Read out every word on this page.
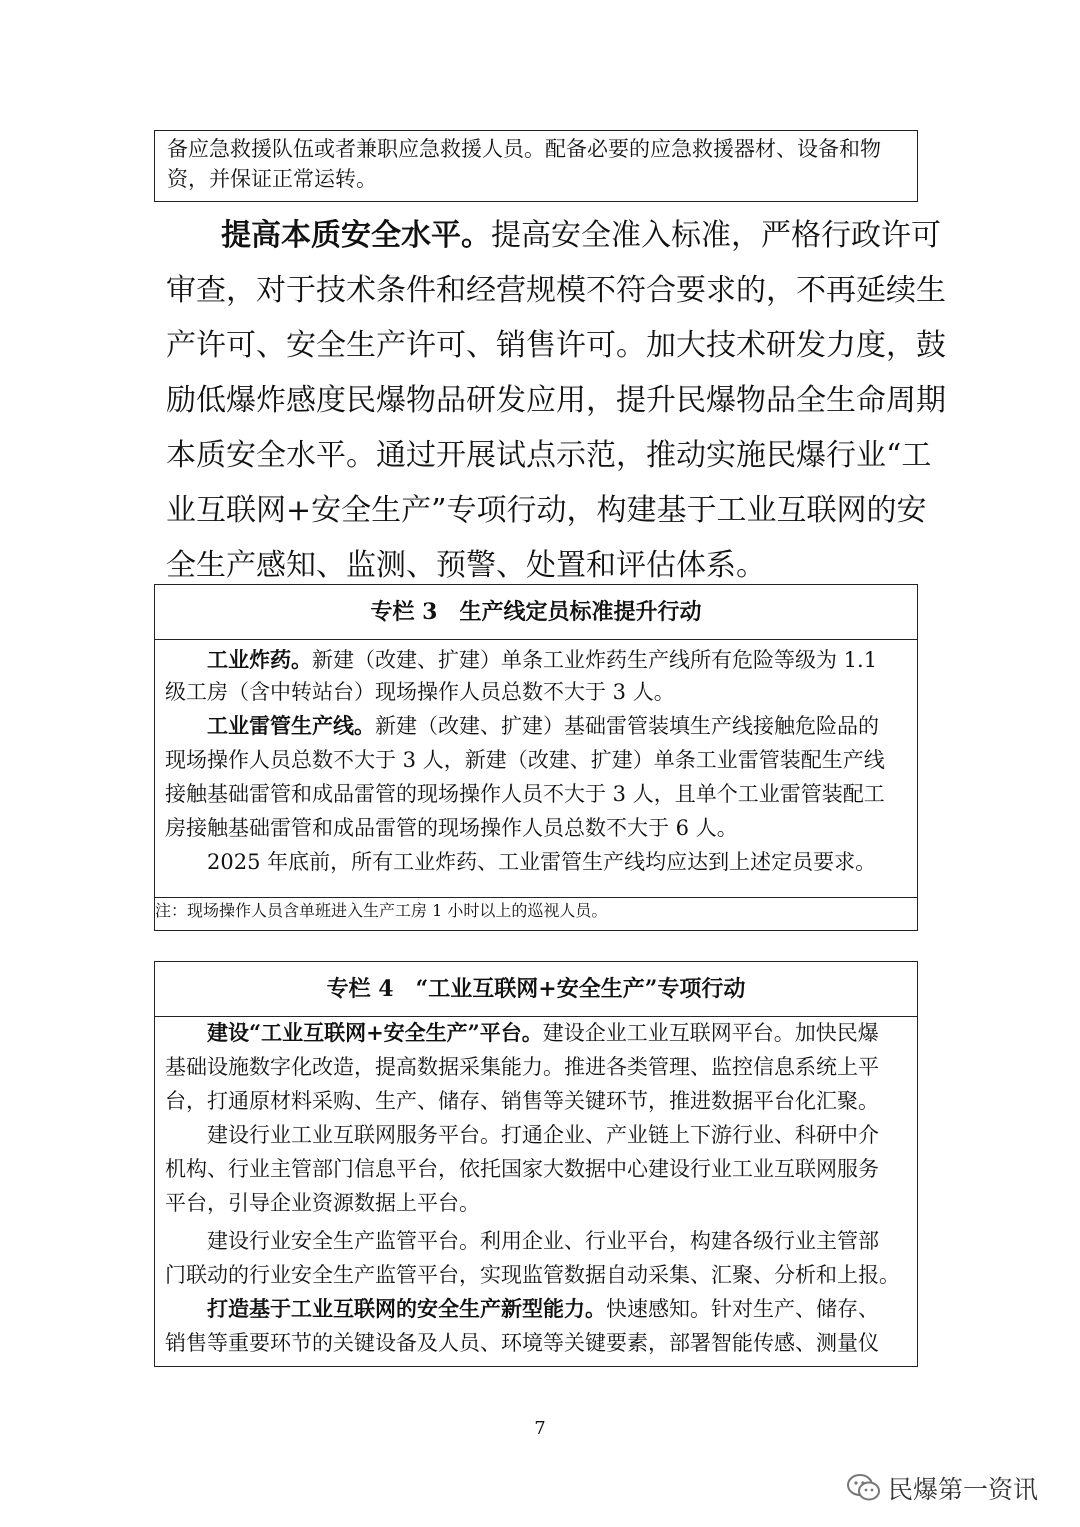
备应急救援队伍或者兼职应急救援人员。配备必要的应急救援器材、设备和物
资，并保证正常运转。
提高本质安全水平。提高安全准入标准，严格行政许可
审查，对于技术条件和经营规模不符合要求的，不再延续生
产许可、安全生产许可、销售许可。加大技术研发力度，鼓
励低爆炸感度民爆物品研发应用，提升民爆物品全生命周期
本质安全水平。通过开展试点示范，推动实施民爆行业“工
业互联网+安全生产”专项行动，构建基于工业互联网的安
全生产感知、监测、预警、处置和评估体系。
专栏 3　生产线定员标准提升行动
工业炸药。新建（改建、扩建）单条工业炸药生产线所有危险等级为 1.1
级工房（含中转站台）现场操作人员总数不大于 3 人。
工业雷管生产线。新建（改建、扩建）基础雷管装填生产线接触危险品的
现场操作人员总数不大于 3 人，新建（改建、扩建）单条工业雷管装配生产线
接触基础雷管和成品雷管的现场操作人员不大于 3 人，且单个工业雷管装配工
房接触基础雷管和成品雷管的现场操作人员总数不大于 6 人。
2025 年底前，所有工业炸药、工业雷管生产线均应达到上述定员要求。
注：现场操作人员含单班进入生产工房 1 小时以上的巡视人员。
专栏 4　“工业互联网+安全生产”专项行动
建设“工业互联网+安全生产”平台。建设企业工业互联网平台。加快民爆
基础设施数字化改造，提高数据采集能力。推进各类管理、监控信息系统上平
台，打通原材料采购、生产、储存、销售等关键环节，推进数据平台化汇聚。
建设行业工业互联网服务平台。打通企业、产业链上下游行业、科研中介
机构、行业主管部门信息平台，依托国家大数据中心建设行业工业互联网服务
平台，引导企业资源数据上平台。
建设行业安全生产监管平台。利用企业、行业平台，构建各级行业主管部
门联动的行业安全生产监管平台，实现监管数据自动采集、汇聚、分析和上报。
打造基于工业互联网的安全生产新型能力。快速感知。针对生产、储存、
销售等重要环节的关键设备及人员、环境等关键要素，部署智能传感、测量仪
7
民爆第一资讯
